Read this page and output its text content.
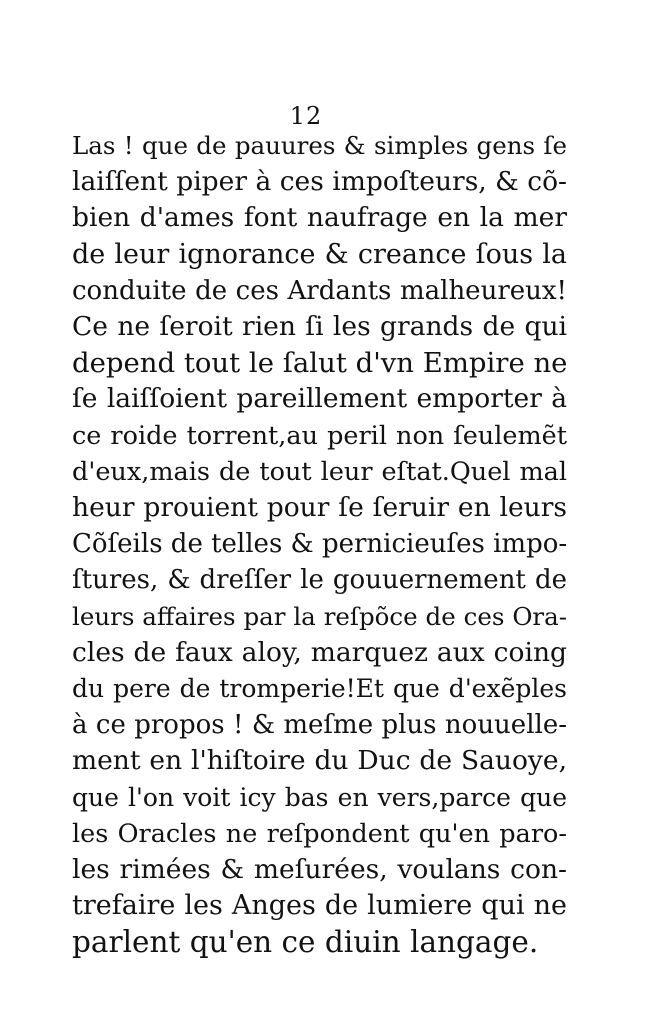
12
Las ! que de pauures & simples gens ſe
laiſſent piper à ces impoſteurs, & cõ-
bien d'ames font naufrage en la mer
de leur ignorance & creance ſous la
conduite de ces Ardants malheureux!
Ce ne ſeroit rien ſi les grands de qui
depend tout le ſalut d'vn Empire ne
ſe laiſſoient pareillement emporter à
ce roide torrent,au peril non ſeulemẽt
d'eux,mais de tout leur eſtat.Quel mal
heur prouient pour ſe ſeruir en leurs
Cõſeils de telles & pernicieuſes impo-
ſtures, & dreſſer le gouuernement de
leurs affaires par la reſpõce de ces Ora-
cles de faux aloy, marquez aux coing
du pere de tromperie!Et que d'exẽples
à ce propos ! & meſme plus nouuelle-
ment en l'hiſtoire du Duc de Sauoye,
que l'on voit icy bas en vers,parce que
les Oracles ne reſpondent qu'en paro-
les rimées & meſurées, voulans con-
trefaire les Anges de lumiere qui ne
parlent qu'en ce diuin langage.
